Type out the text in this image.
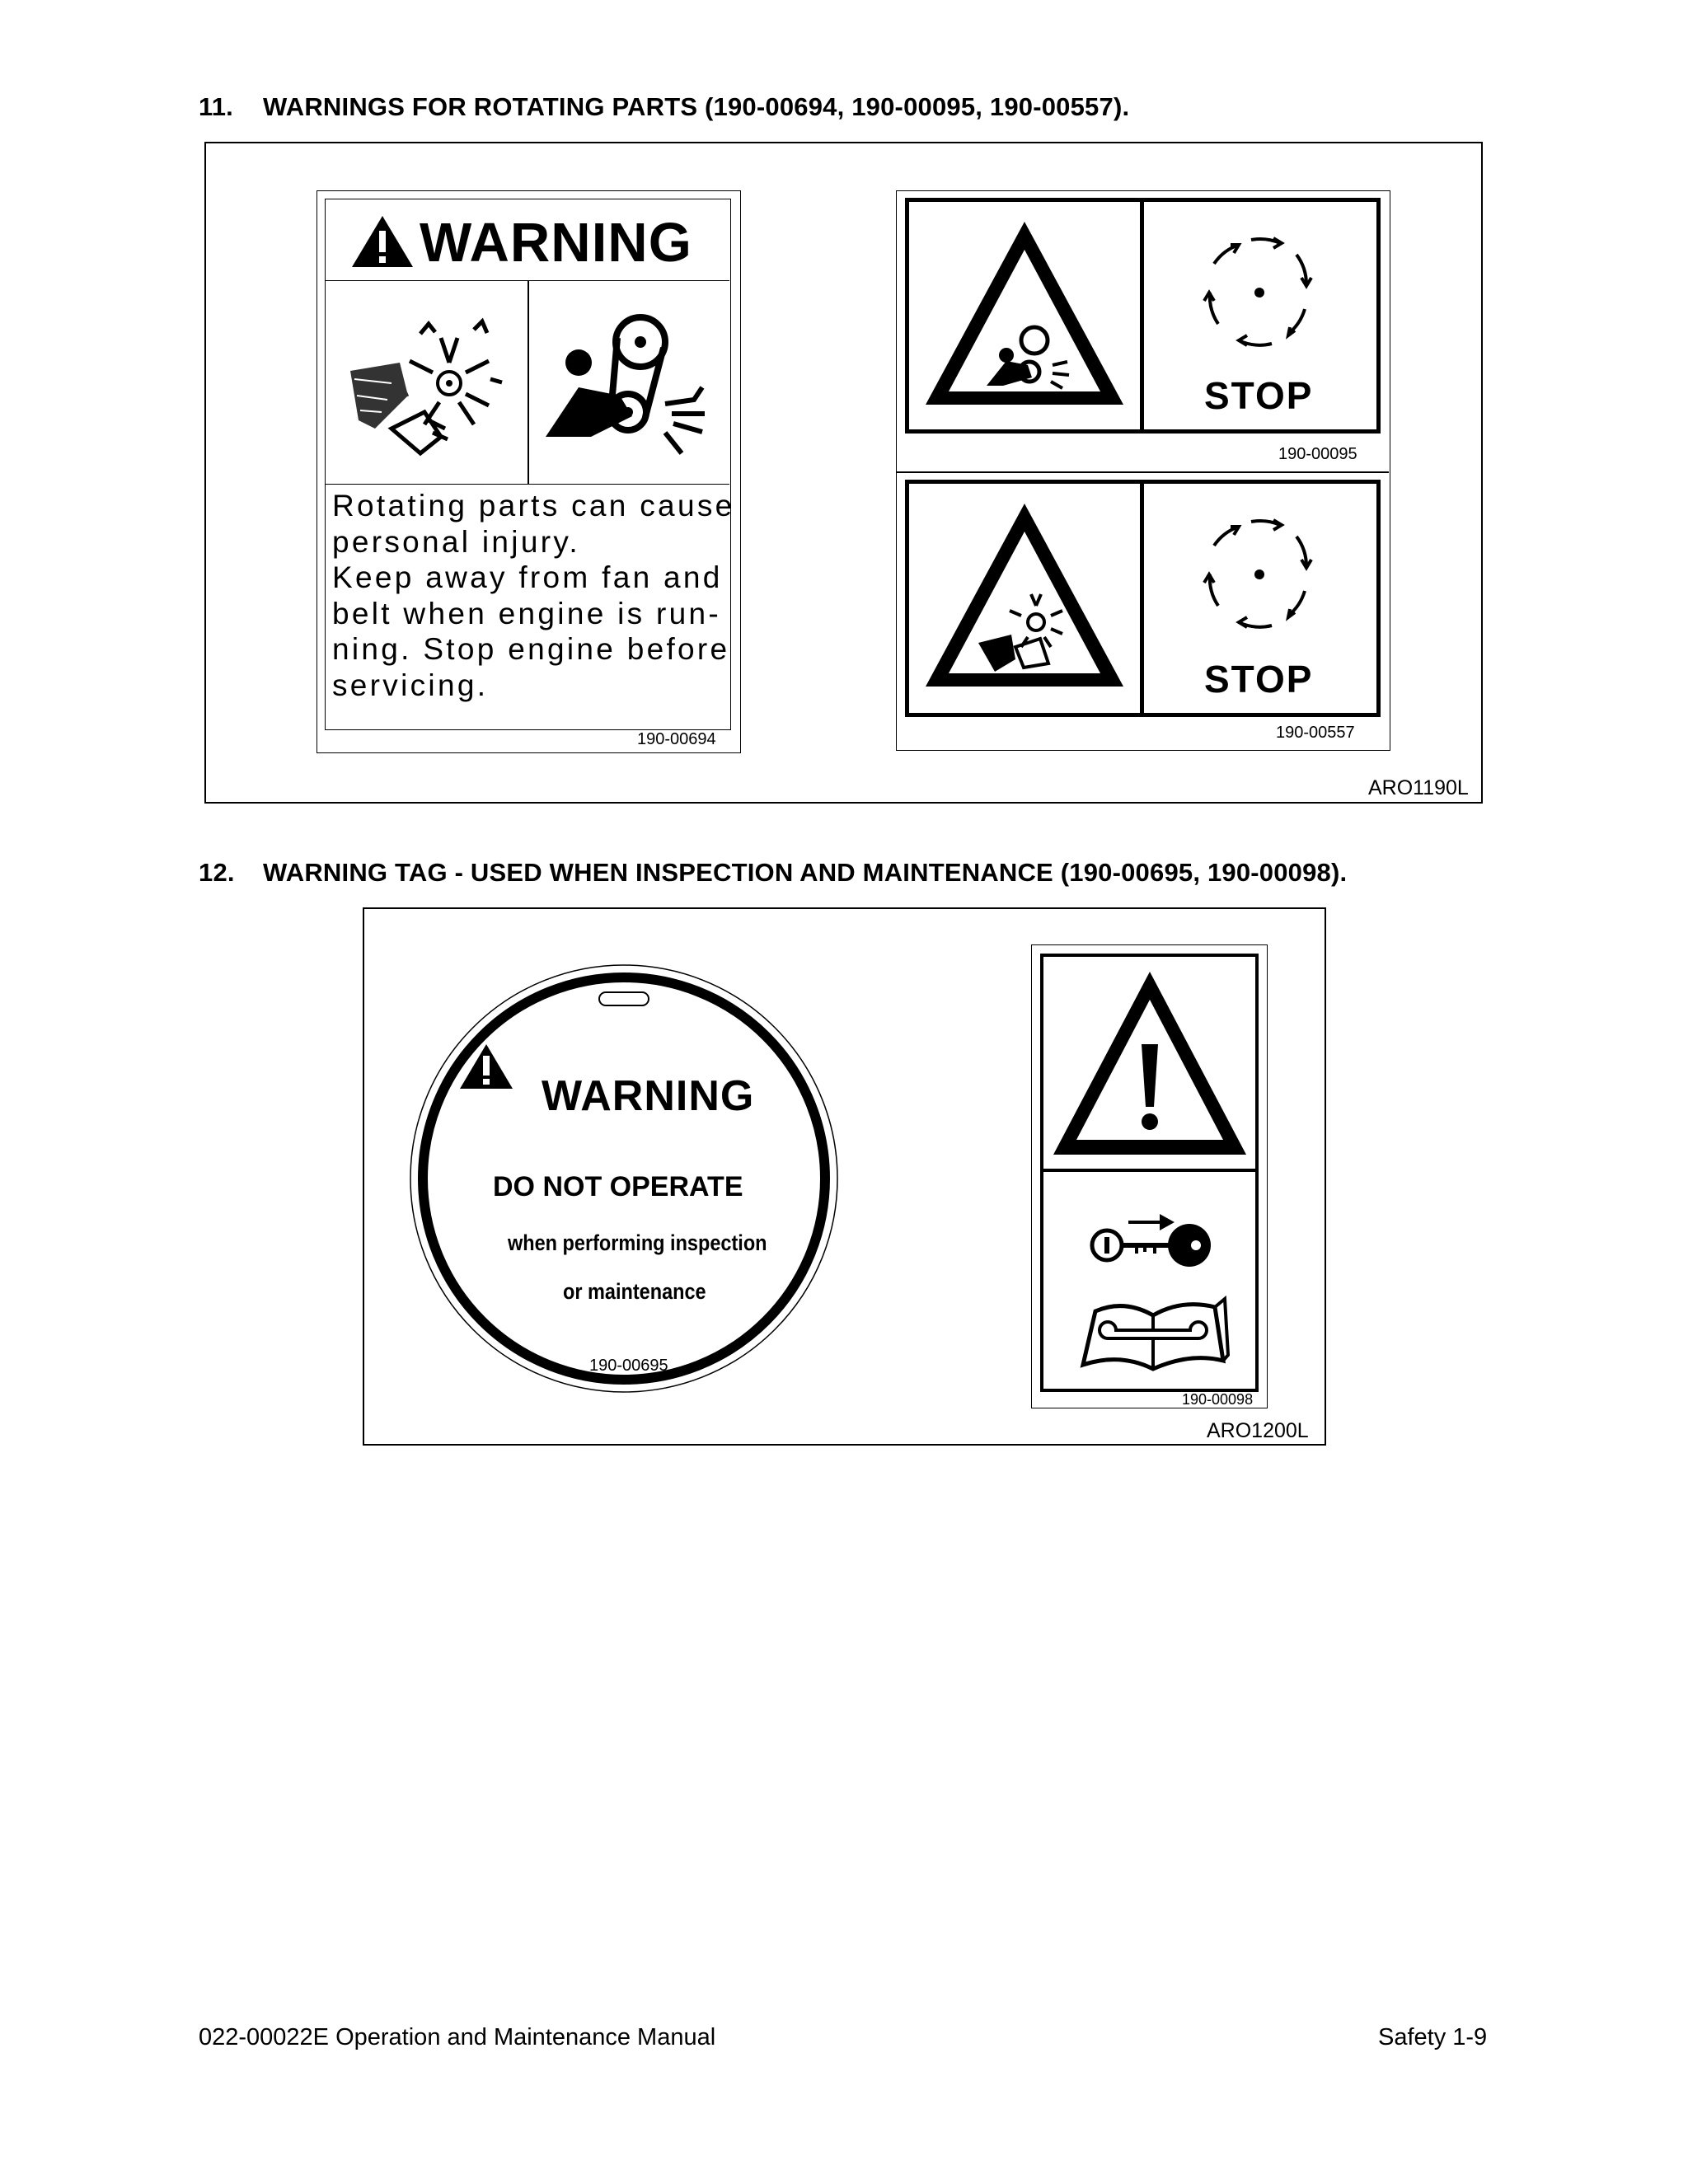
11. WARNINGS FOR ROTATING PARTS (190-00694, 190-00095, 190-00557).
WARNING
Rotating parts can cause
personal injury.
Keep away from fan and
belt when engine is run-
ning. Stop engine before
servicing.
190-00694
STOP
190-00095
STOP
190-00557
ARO1190L
12. WARNING TAG - USED WHEN INSPECTION AND MAINTENANCE (190-00695, 190-00098).
WARNING
DO NOT OPERATE
when performing inspection
or maintenance
190-00695
190-00098
ARO1200L
022-00022E Operation and Maintenance Manual	Safety 1-9
